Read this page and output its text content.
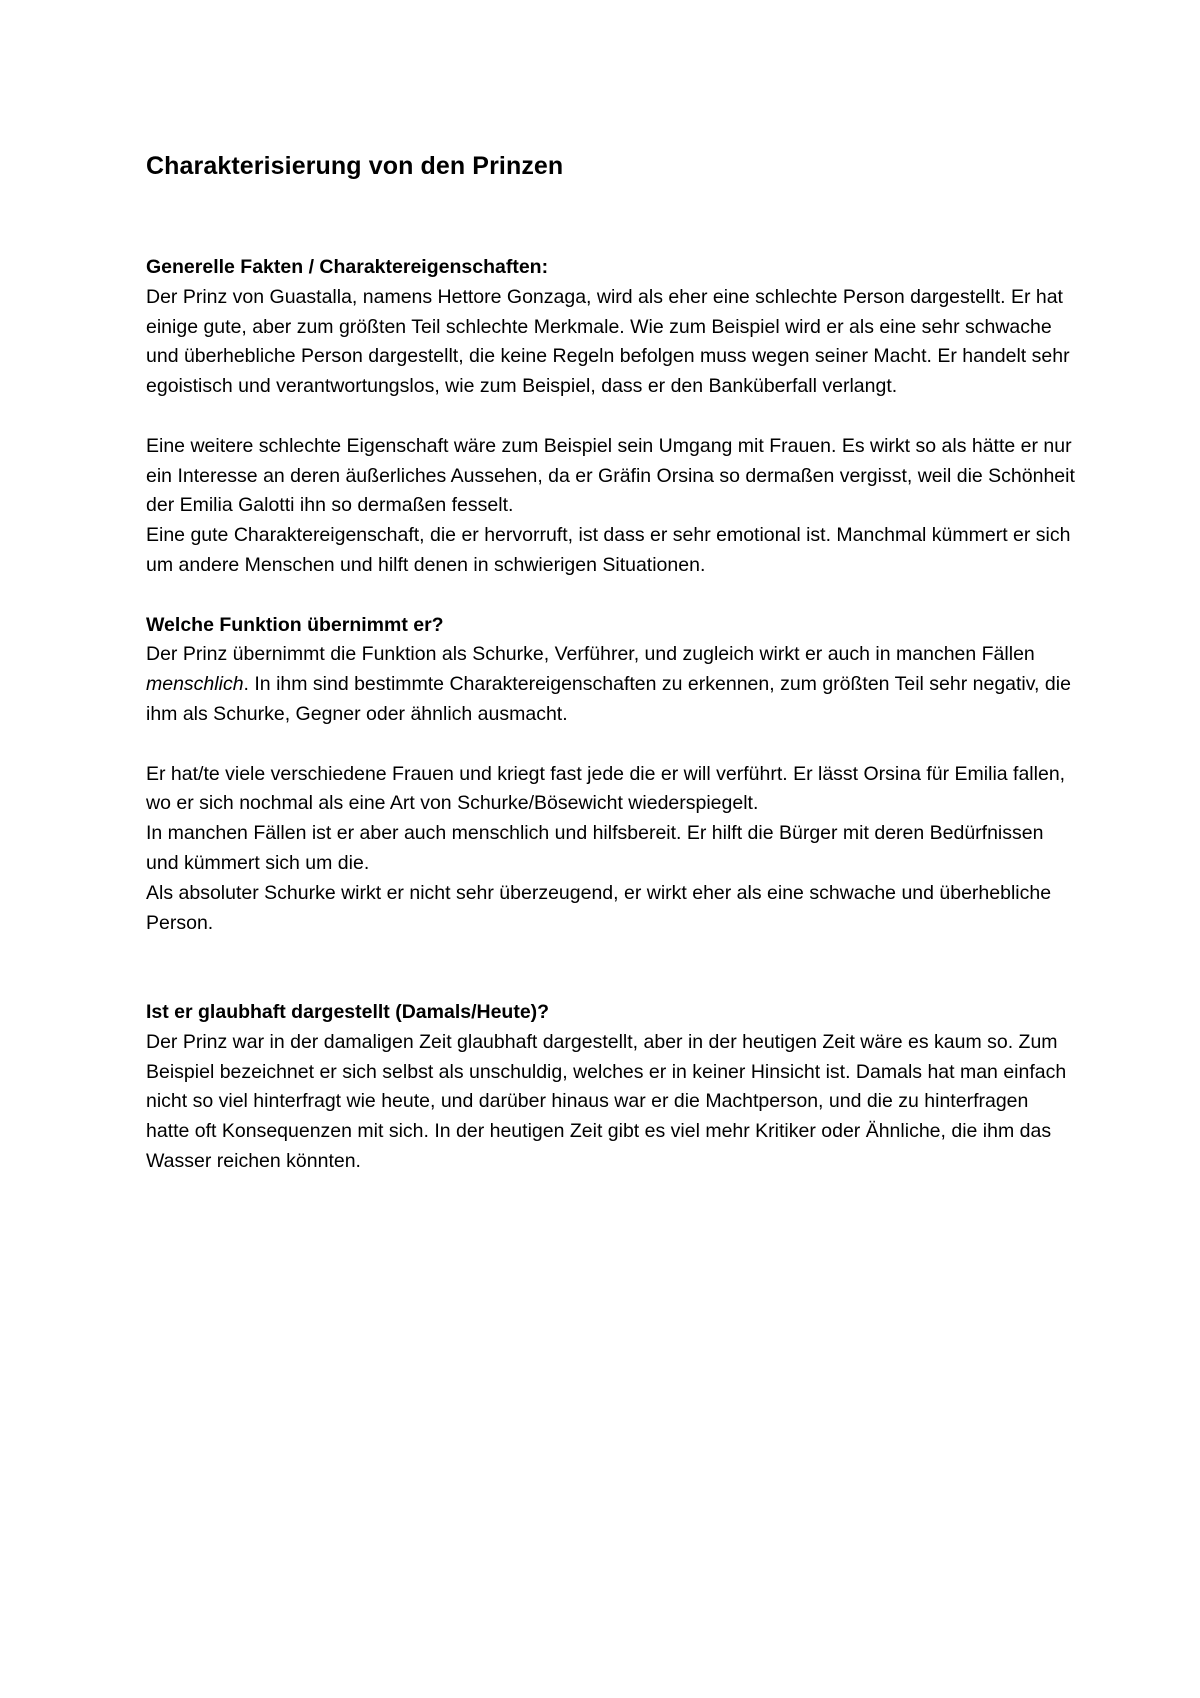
Charakterisierung von den Prinzen

Generelle Fakten / Charaktereigenschaften:

Der Prinz von Guastalla, namens Hettore Gonzaga, wird als eher eine schlechte Person dargestellt. Er hat einige gute, aber zum größten Teil schlechte Merkmale. Wie zum Beispiel wird er als eine sehr schwache und überhebliche Person dargestellt, die keine Regeln befolgen muss wegen seiner Macht. Er handelt sehr egoistisch und verantwortungslos, wie zum Beispiel, dass er den Banküberfall verlangt.

Eine weitere schlechte Eigenschaft wäre zum Beispiel sein Umgang mit Frauen. Es wirkt so als hätte er nur ein Interesse an deren äußerliches Aussehen, da er Gräfin Orsina so dermaßen vergisst, weil die Schönheit der Emilia Galotti ihn so dermaßen fesselt.

Eine gute Charaktereigenschaft, die er hervorruft, ist dass er sehr emotional ist. Manchmal kümmert er sich um andere Menschen und hilft denen in schwierigen Situationen.

Welche Funktion übernimmt er?

Der Prinz übernimmt die Funktion als Schurke, Verführer, und zugleich wirkt er auch in manchen Fällen menschlich. In ihm sind bestimmte Charaktereigenschaften zu erkennen, zum größten Teil sehr negativ, die ihm als Schurke, Gegner oder ähnlich ausmacht.

Er hat/te viele verschiedene Frauen und kriegt fast jede die er will verführt. Er lässt Orsina für Emilia fallen, wo er sich nochmal als eine Art von Schurke/Bösewicht wiederspiegelt.

In manchen Fällen ist er aber auch menschlich und hilfsbereit. Er hilft die Bürger mit deren Bedürfnissen und kümmert sich um die.

Als absoluter Schurke wirkt er nicht sehr überzeugend, er wirkt eher als eine schwache und überhebliche Person.

Ist er glaubhaft dargestellt (Damals/Heute)?

Der Prinz war in der damaligen Zeit glaubhaft dargestellt, aber in der heutigen Zeit wäre es kaum so. Zum Beispiel bezeichnet er sich selbst als unschuldig, welches er in keiner Hinsicht ist. Damals hat man einfach nicht so viel hinterfragt wie heute, und darüber hinaus war er die Machtperson, und die zu hinterfragen hatte oft Konsequenzen mit sich. In der heutigen Zeit gibt es viel mehr Kritiker oder Ähnliche, die ihm das Wasser reichen könnten.
